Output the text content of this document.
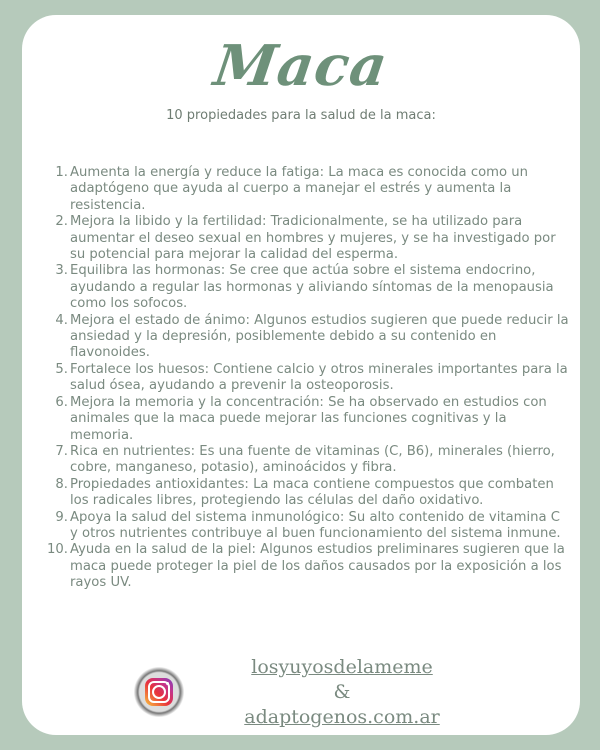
Maca
10 propiedades para la salud de la maca:
Aumenta la energía y reduce la fatiga: La maca es conocida como un adaptógeno que ayuda al cuerpo a manejar el estrés y aumenta la resistencia.
Mejora la libido y la fertilidad: Tradicionalmente, se ha utilizado para aumentar el deseo sexual en hombres y mujeres, y se ha investigado por su potencial para mejorar la calidad del esperma.
Equilibra las hormonas: Se cree que actúa sobre el sistema endocrino, ayudando a regular las hormonas y aliviando síntomas de la menopausia como los sofocos.
Mejora el estado de ánimo: Algunos estudios sugieren que puede reducir la ansiedad y la depresión, posiblemente debido a su contenido en flavonoides.
Fortalece los huesos: Contiene calcio y otros minerales importantes para la salud ósea, ayudando a prevenir la osteoporosis.
Mejora la memoria y la concentración: Se ha observado en estudios con animales que la maca puede mejorar las funciones cognitivas y la memoria.
Rica en nutrientes: Es una fuente de vitaminas (C, B6), minerales (hierro, cobre, manganeso, potasio), aminoácidos y fibra.
Propiedades antioxidantes: La maca contiene compuestos que combaten los radicales libres, protegiendo las células del daño oxidativo.
Apoya la salud del sistema inmunológico: Su alto contenido de vitamina C y otros nutrientes contribuye al buen funcionamiento del sistema inmune.
Ayuda en la salud de la piel: Algunos estudios preliminares sugieren que la maca puede proteger la piel de los daños causados por la exposición a los rayos UV.
losyuyosdelameme
&
adaptogenos.com.ar
